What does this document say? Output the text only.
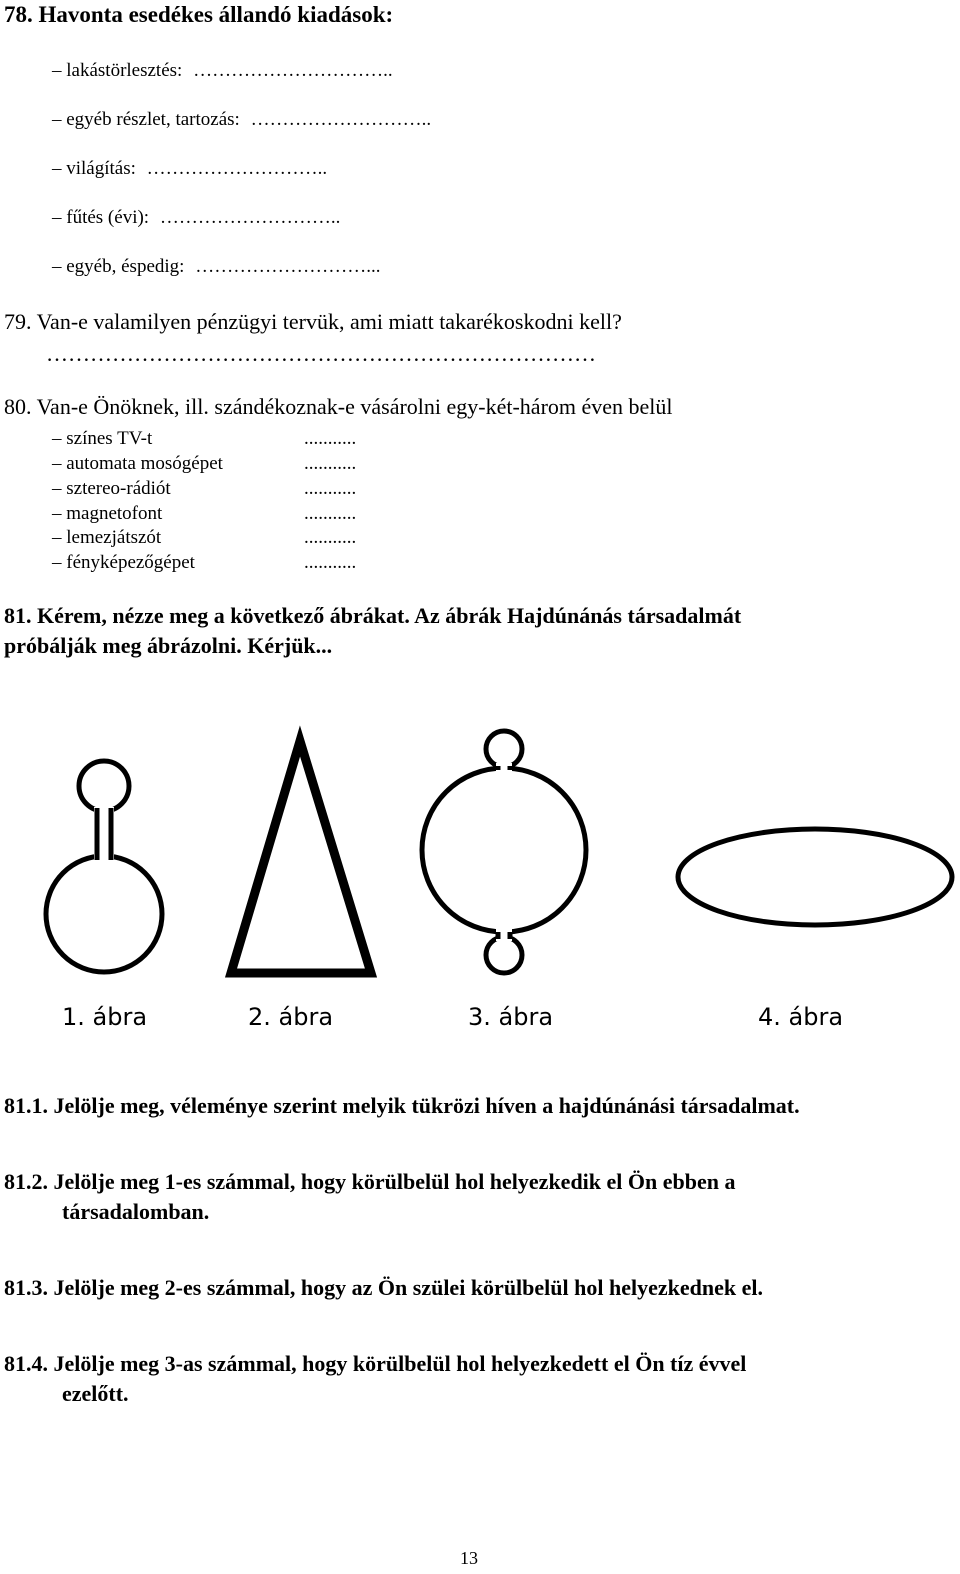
78. Havonta esedékes állandó kiadások:
– lakástörlesztés: …………………………..
– egyéb részlet, tartozás: ………………………..
– világítás: ………………………..
– fűtés (évi): ………………………..
– egyéb, éspedig: ………………………...
79. Van-e valamilyen pénzügyi tervük, ami miatt takarékoskodni kell?
…………………………………………………………………
80. Van-e Önöknek, ill. szándékoznak-e vásárolni egy-két-három éven belül
– színes TV-t	...........
– automata mosógépet	...........
– sztereo-rádiót	...........
– magnetofont	...........
– lemezjátszót	...........
– fényképezőgépet	...........
81. Kérem, nézze meg a következő ábrákat. Az ábrák Hajdúnánás társadalmát
próbálják meg ábrázolni. Kérjük...
1. ábra	2. ábra	3. ábra	4. ábra
81.1. Jelölje meg, véleménye szerint melyik tükrözi híven a hajdúnánási társadalmat.
81.2. Jelölje meg 1-es számmal, hogy körülbelül hol helyezkedik el Ön ebben a
társadalomban.
81.3. Jelölje meg 2-es számmal, hogy az Ön szülei körülbelül hol helyezkednek el.
81.4. Jelölje meg 3-as számmal, hogy körülbelül hol helyezkedett el Ön tíz évvel
ezelőtt.
13
